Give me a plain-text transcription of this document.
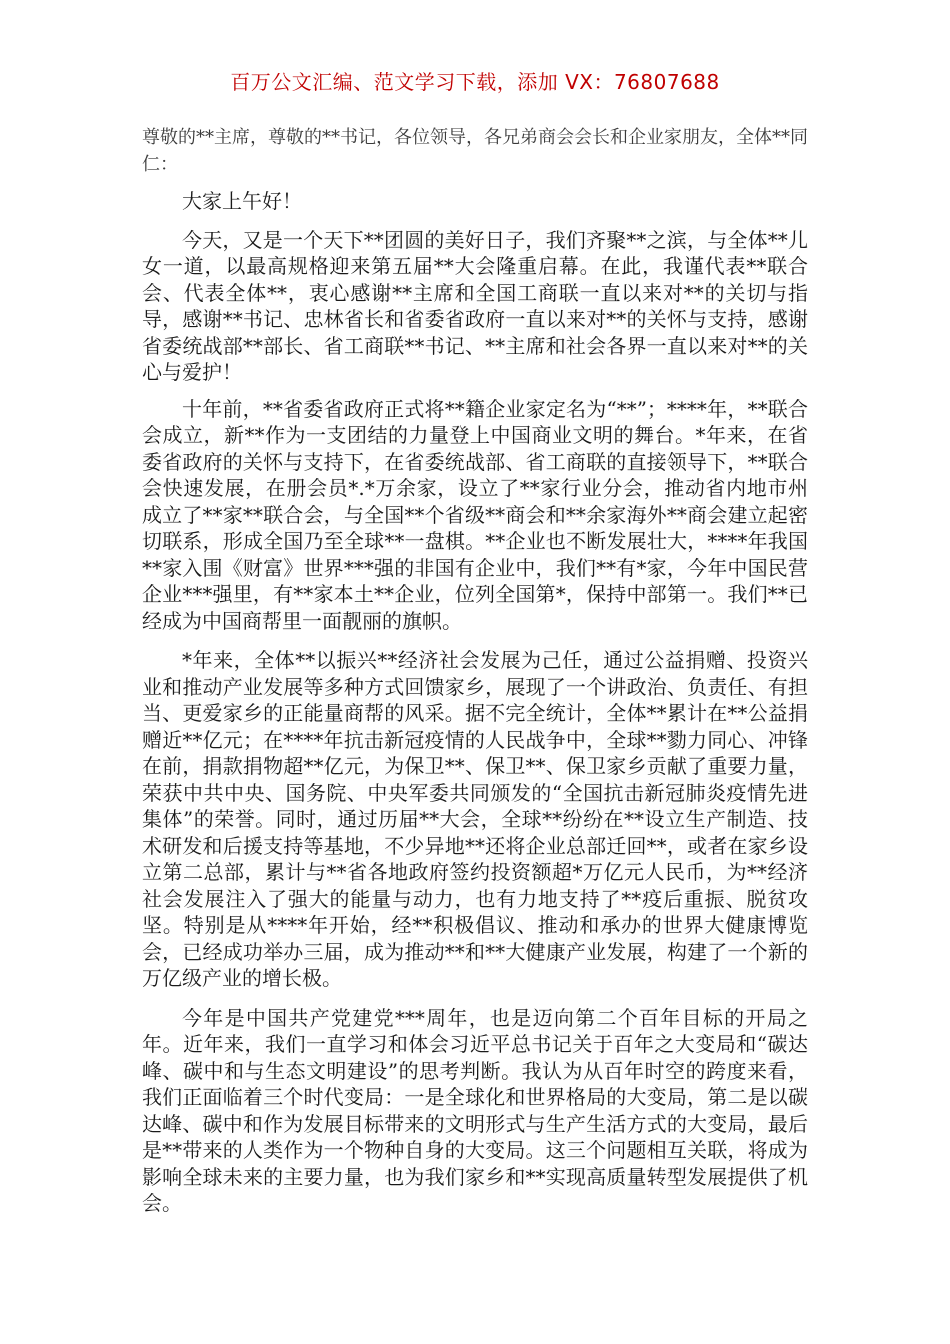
百万公文汇编、范文学习下载，添加 VX：76807688

尊敬的**主席，尊敬的**书记，各位领导，各兄弟商会会长和企业家朋友，全体**同仁：

大家上午好！

今天，又是一个天下**团圆的美好日子，我们齐聚**之滨，与全体**儿女一道，以最高规格迎来第五届**大会隆重启幕。在此，我谨代表**联合会、代表全体**，衷心感谢**主席和全国工商联一直以来对**的关切与指导，感谢**书记、忠林省长和省委省政府一直以来对**的关怀与支持，感谢省委统战部**部长、省工商联**书记、**主席和社会各界一直以来对**的关心与爱护！

十年前，**省委省政府正式将**籍企业家定名为“**”；****年，**联合会成立，新**作为一支团结的力量登上中国商业文明的舞台。*年来，在省委省政府的关怀与支持下，在省委统战部、省工商联的直接领导下，**联合会快速发展，在册会员*.*万余家，设立了**家行业分会，推动省内地市州成立了**家**联合会，与全国**个省级**商会和**余家海外**商会建立起密切联系，形成全国乃至全球**一盘棋。**企业也不断发展壮大，****年我国**家入围《财富》世界***强的非国有企业中，我们**有*家，今年中国民营企业***强里，有**家本土**企业，位列全国第*，保持中部第一。我们**已经成为中国商帮里一面靓丽的旗帜。

*年来，全体**以振兴**经济社会发展为己任，通过公益捐赠、投资兴业和推动产业发展等多种方式回馈家乡，展现了一个讲政治、负责任、有担当、更爱家乡的正能量商帮的风采。据不完全统计，全体**累计在**公益捐赠近**亿元；在****年抗击新冠疫情的人民战争中，全球**勠力同心、冲锋在前，捐款捐物超**亿元，为保卫**、保卫**、保卫家乡贡献了重要力量，荣获中共中央、国务院、中央军委共同颁发的“全国抗击新冠肺炎疫情先进集体”的荣誉。同时，通过历届**大会，全球**纷纷在**设立生产制造、技术研发和后援支持等基地，不少异地**还将企业总部迁回**，或者在家乡设立第二总部，累计与**省各地政府签约投资额超*万亿元人民币，为**经济社会发展注入了强大的能量与动力，也有力地支持了**疫后重振、脱贫攻坚。特别是从****年开始，经**积极倡议、推动和承办的世界大健康博览会，已经成功举办三届，成为推动**和**大健康产业发展，构建了一个新的万亿级产业的增长极。

今年是中国共产党建党***周年，也是迈向第二个百年目标的开局之年。近年来，我们一直学习和体会习近平总书记关于百年之大变局和“碳达峰、碳中和与生态文明建设”的思考判断。我认为从百年时空的跨度来看，我们正面临着三个时代变局：一是全球化和世界格局的大变局，第二是以碳达峰、碳中和作为发展目标带来的文明形式与生产生活方式的大变局，最后是**带来的人类作为一个物种自身的大变局。这三个问题相互关联，将成为影响全球未来的主要力量，也为我们家乡和**实现高质量转型发展提供了机会。
